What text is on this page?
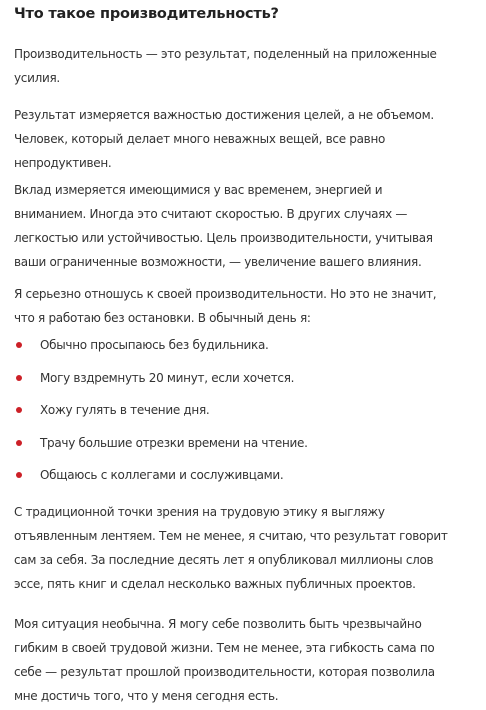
Что такое производительность?

Производительность — это результат, поделенный на приложенные
усилия.

Результат измеряется важностью достижения целей, а не объемом.
Человек, который делает много неважных вещей, все равно
непродуктивен.

Вклад измеряется имеющимися у вас временем, энергией и
вниманием. Иногда это считают скоростью. В других случаях —
легкостью или устойчивостью. Цель производительности, учитывая
ваши ограниченные возможности, — увеличение вашего влияния.

Я серьезно отношусь к своей производительности. Но это не значит,
что я работаю без остановки. В обычный день я:

Обычно просыпаюсь без будильника.
Могу вздремнуть 20 минут, если хочется.
Хожу гулять в течение дня.
Трачу большие отрезки времени на чтение.
Общаюсь с коллегами и сослуживцами.

С традиционной точки зрения на трудовую этику я выгляжу
отъявленным лентяем. Тем не менее, я считаю, что результат говорит
сам за себя. За последние десять лет я опубликовал миллионы слов
эссе, пять книг и сделал несколько важных публичных проектов.

Моя ситуация необычна. Я могу себе позволить быть чрезвычайно
гибким в своей трудовой жизни. Тем не менее, эта гибкость сама по
себе — результат прошлой производительности, которая позволила
мне достичь того, что у меня сегодня есть.
